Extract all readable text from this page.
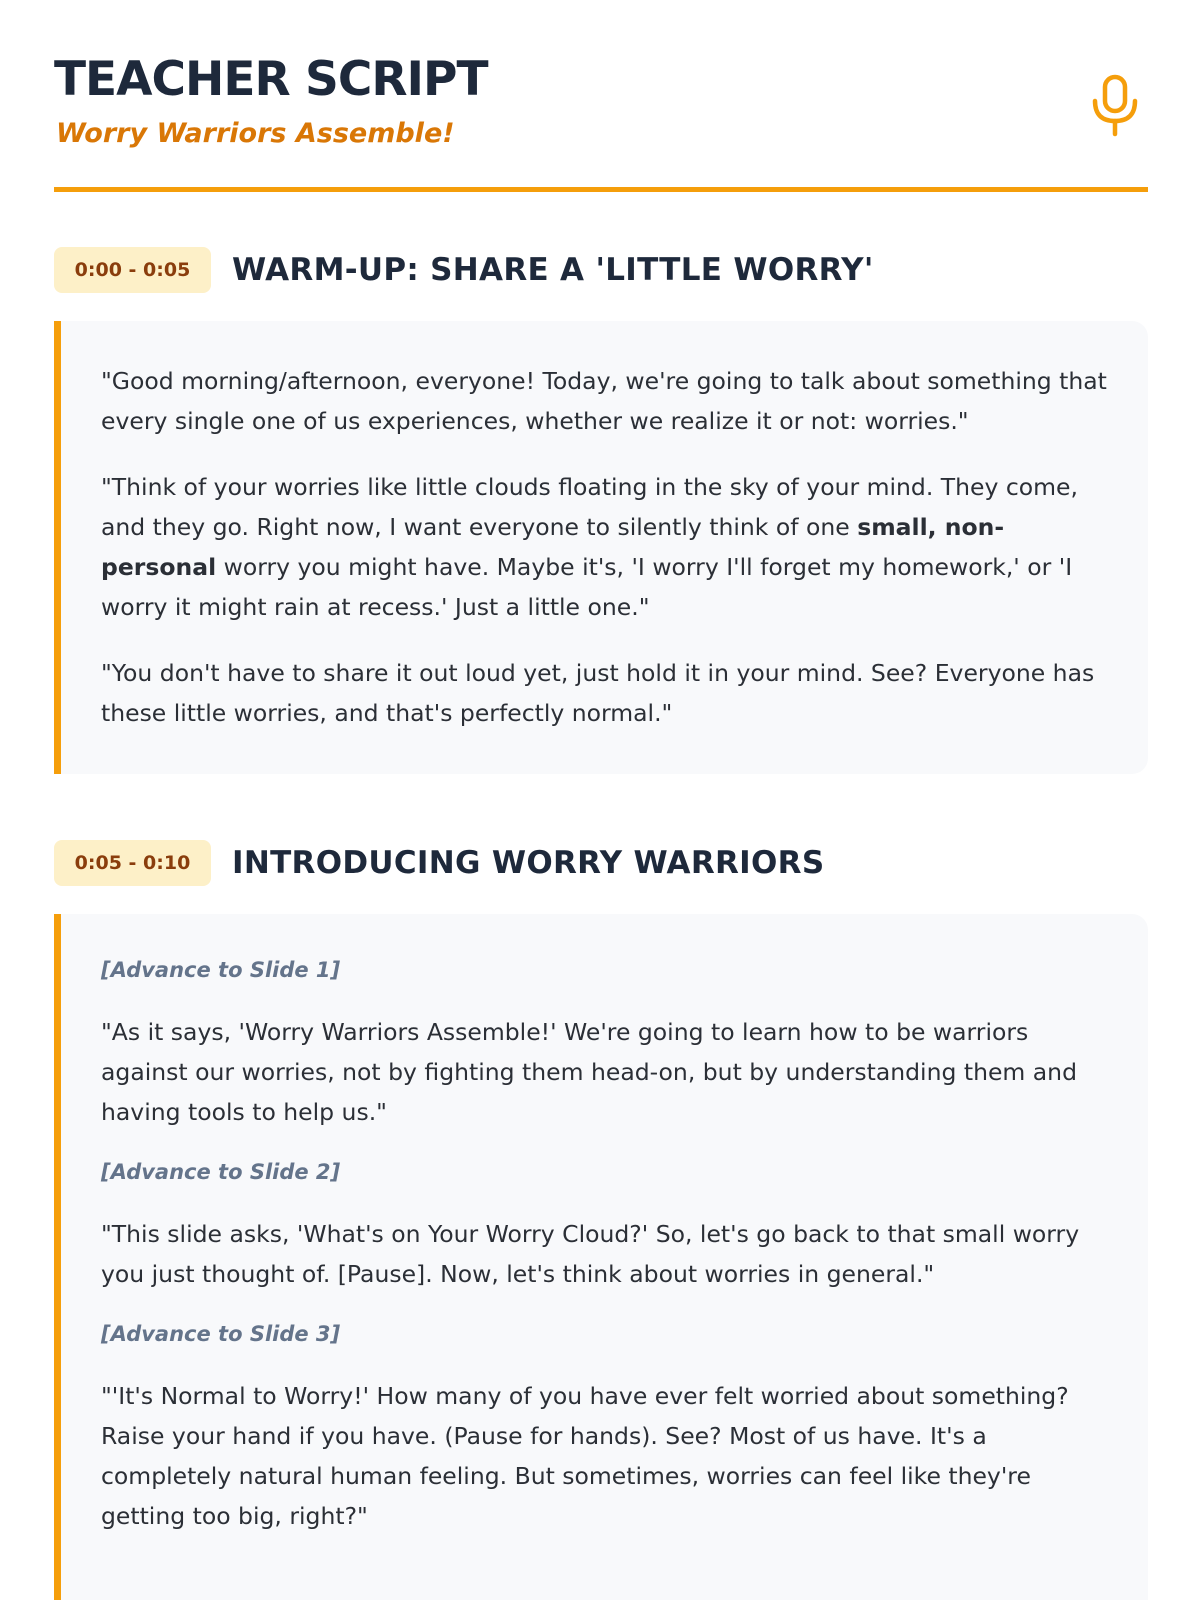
TEACHER SCRIPT
Worry Warriors Assemble!
0:00 - 0:05	WARM-UP: SHARE A 'LITTLE WORRY'

"Good morning/afternoon, everyone! Today, we're going to talk about something that every single one of us experiences, whether we realize it or not: worries."

"Think of your worries like little clouds floating in the sky of your mind. They come, and they go. Right now, I want everyone to silently think of one small, non-personal worry you might have. Maybe it's, 'I worry I'll forget my homework,' or 'I worry it might rain at recess.' Just a little one."

"You don't have to share it out loud yet, just hold it in your mind. See? Everyone has these little worries, and that's perfectly normal."

0:05 - 0:10	INTRODUCING WORRY WARRIORS

[Advance to Slide 1]

"As it says, 'Worry Warriors Assemble!' We're going to learn how to be warriors against our worries, not by fighting them head-on, but by understanding them and having tools to help us."

[Advance to Slide 2]

"This slide asks, 'What's on Your Worry Cloud?' So, let's go back to that small worry you just thought of. [Pause]. Now, let's think about worries in general."

[Advance to Slide 3]

"'It's Normal to Worry!' How many of you have ever felt worried about something? Raise your hand if you have. (Pause for hands). See? Most of us have. It's a completely natural human feeling. But sometimes, worries can feel like they're getting too big, right?"
